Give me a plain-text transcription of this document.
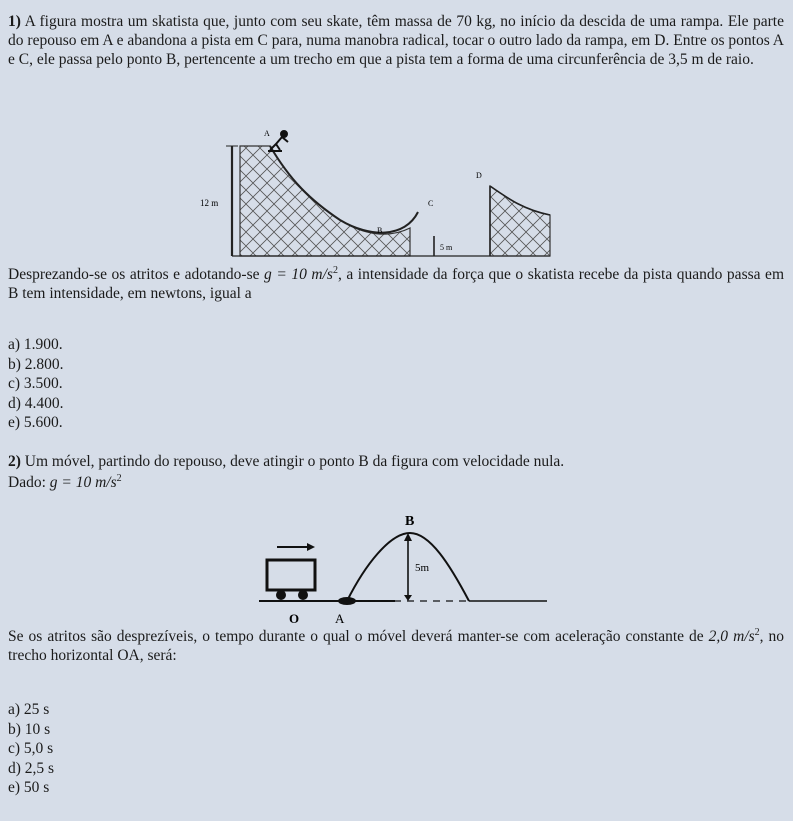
1) A figura mostra um skatista que, junto com seu skate, têm massa de 70 kg, no início da descida de uma rampa. Ele parte do repouso em A e abandona a pista em C para, numa manobra radical, tocar o outro lado da rampa, em D. Entre os pontos A e C, ele passa pelo ponto B, pertencente a um trecho em que a pista tem a forma de uma circunferência de 3,5 m de raio.
A
B
C
D
12 m
5 m
Desprezando-se os atritos e adotando-se g = 10 $m/s^2$, a intensidade da força que o skatista recebe da pista quando passa em B tem intensidade, em newtons, igual a
a) 1.900.
b) 2.800.
c) 3.500.
d) 4.400.
e) 5.600.
2) Um móvel, partindo do repouso, deve atingir o ponto B da figura com velocidade nula.
Dado: g = 10 $m/s^2$
5m
B
O	A
Se os atritos são desprezíveis, o tempo durante o qual o móvel deverá manter-se com aceleração constante de 2,0 $m/s^2$, no trecho horizontal OA, será:
a) 25 s
b) 10 s
c) 5,0 s
d) 2,5 s
e) 50 s
